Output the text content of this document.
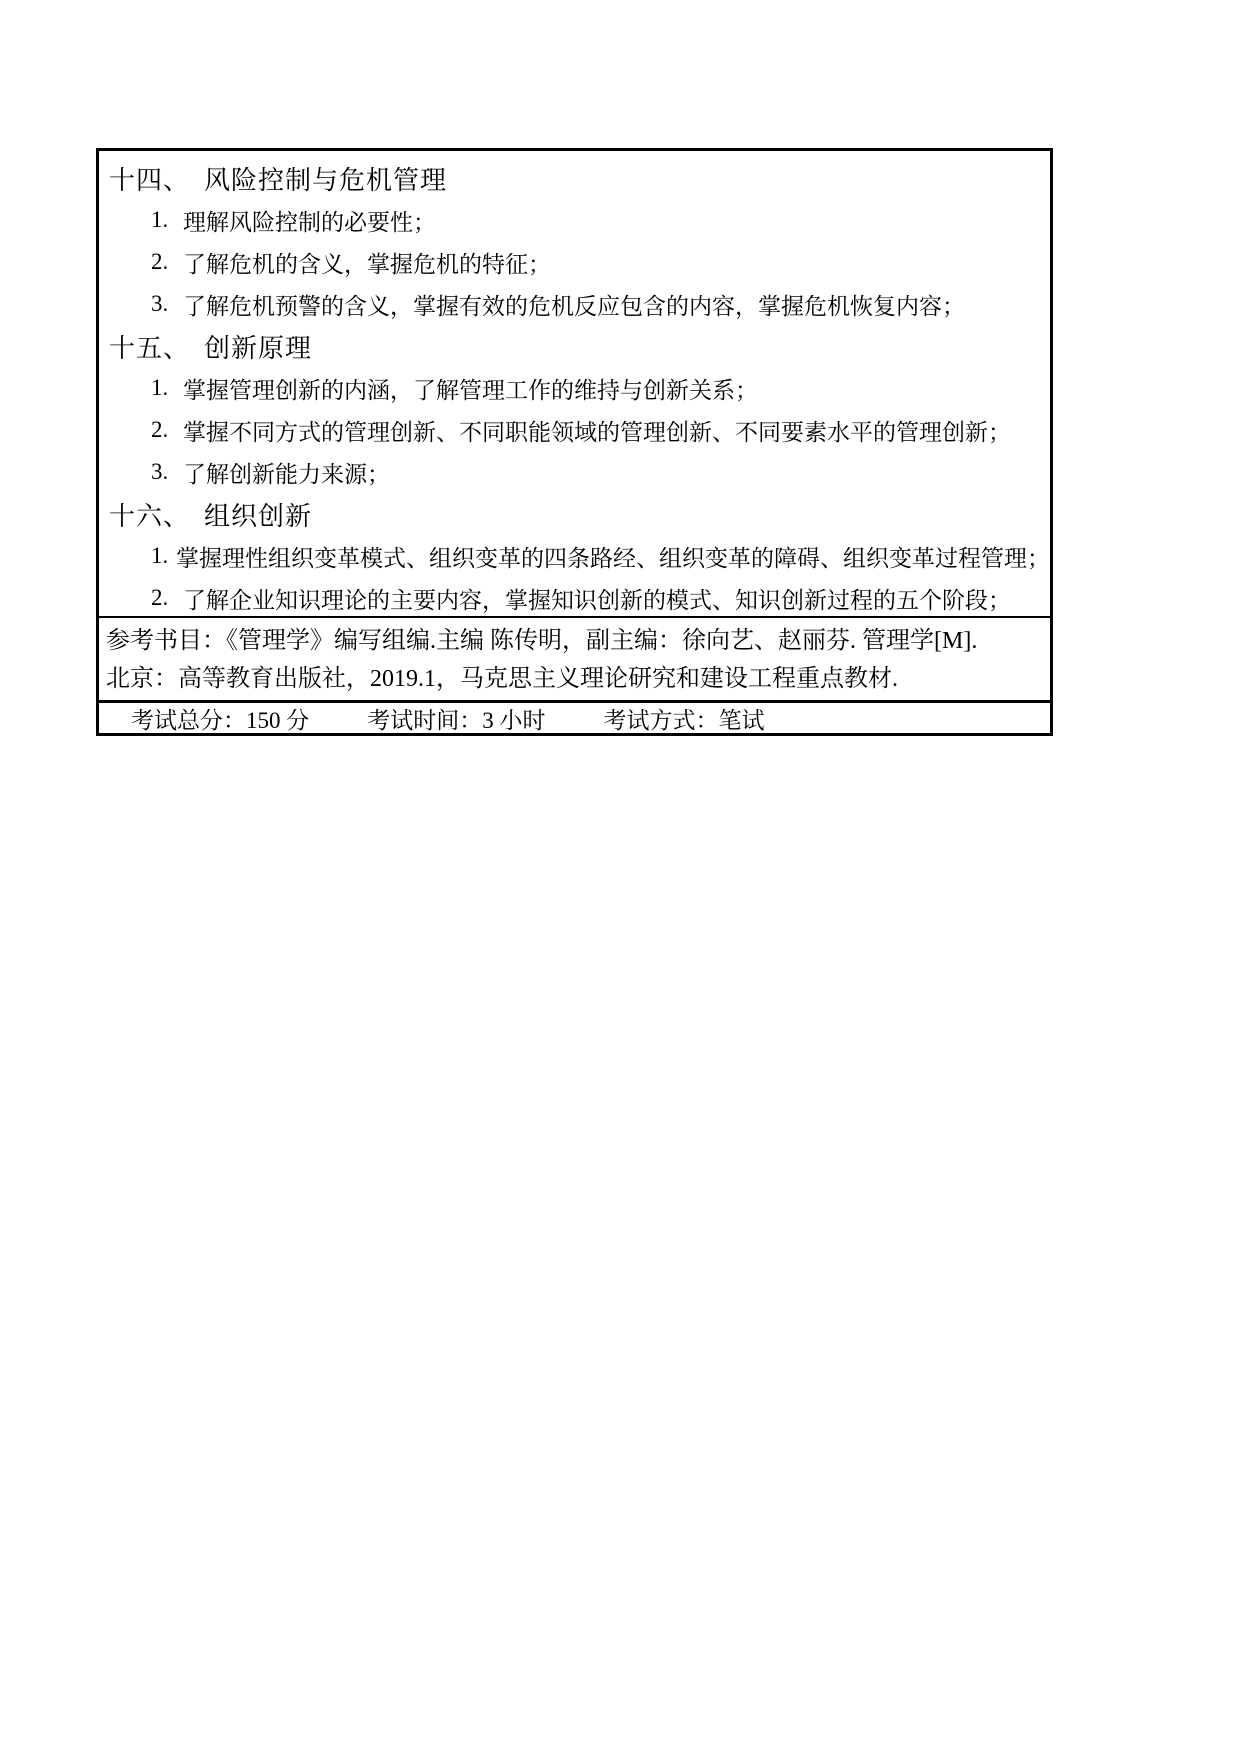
十四、 风险控制与危机管理
1. 理解风险控制的必要性；
2. 了解危机的含义，掌握危机的特征；
3. 了解危机预警的含义，掌握有效的危机反应包含的内容，掌握危机恢复内容；
十五、 创新原理
1. 掌握管理创新的内涵，了解管理工作的维持与创新关系；
2. 掌握不同方式的管理创新、不同职能领域的管理创新、不同要素水平的管理创新；
3. 了解创新能力来源；
十六、 组织创新
1. 掌握理性组织变革模式、组织变革的四条路经、组织变革的障碍、组织变革过程管理；
2. 了解企业知识理论的主要内容，掌握知识创新的模式、知识创新过程的五个阶段；
参考书目：《管理学》编写组编.主编 陈传明，副主编：徐向艺、赵丽芬. 管理学[M].
北京：高等教育出版社，2019.1，马克思主义理论研究和建设工程重点教材.
考试总分：150 分	考试时间：3 小时	考试方式：笔试
